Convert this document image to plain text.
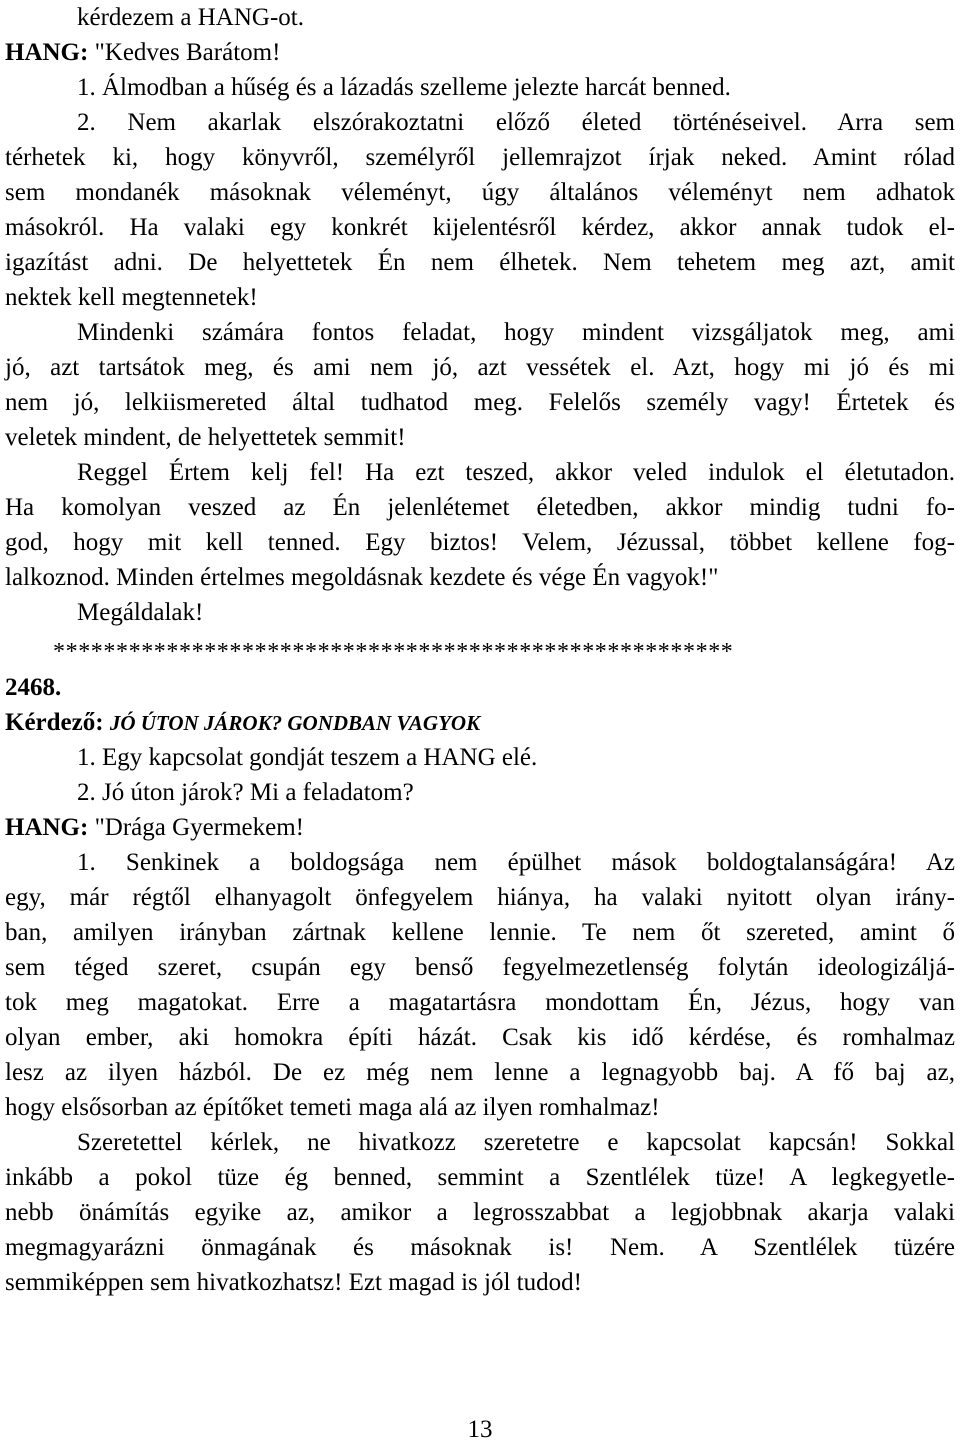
kérdezem a HANG-ot.
HANG: "Kedves Barátom!
1. Álmodban a hűség és a lázadás szelleme jelezte harcát benned.
2. Nem akarlak elszórakoztatni előző életed történéseivel. Arra sem
térhetek ki, hogy könyvről, személyről jellemrajzot írjak neked. Amint rólad
sem mondanék másoknak véleményt, úgy általános véleményt nem adhatok
másokról. Ha valaki egy konkrét kijelentésről kérdez, akkor annak tudok el-
igazítást adni. De helyettetek Én nem élhetek. Nem tehetem meg azt, amit
nektek kell megtennetek!
Mindenki számára fontos feladat, hogy mindent vizsgáljatok meg, ami
jó, azt tartsátok meg, és ami nem jó, azt vessétek el. Azt, hogy mi jó és mi
nem jó, lelkiismereted által tudhatod meg. Felelős személy vagy! Értetek és
veletek mindent, de helyettetek semmit!
Reggel Értem kelj fel! Ha ezt teszed, akkor veled indulok el életutadon.
Ha komolyan veszed az Én jelenlétemet életedben, akkor mindig tudni fo-
god, hogy mit kell tenned. Egy biztos! Velem, Jézussal, többet kellene fog-
lalkoznod. Minden értelmes megoldásnak kezdete és vége Én vagyok!"
Megáldalak!
******************************************************
2468.
Kérdező: JÓ ÚTON JÁROK? GONDBAN VAGYOK
1. Egy kapcsolat gondját teszem a HANG elé.
2. Jó úton járok? Mi a feladatom?
HANG: "Drága Gyermekem!
1. Senkinek a boldogsága nem épülhet mások boldogtalanságára! Az
egy, már régtől elhanyagolt önfegyelem hiánya, ha valaki nyitott olyan irány-
ban, amilyen irányban zártnak kellene lennie. Te nem őt szereted, amint ő
sem téged szeret, csupán egy benső fegyelmezetlenség folytán ideologizáljá-
tok meg magatokat. Erre a magatartásra mondottam Én, Jézus, hogy van
olyan ember, aki homokra építi házát. Csak kis idő kérdése, és romhalmaz
lesz az ilyen házból. De ez még nem lenne a legnagyobb baj. A fő baj az,
hogy elsősorban az építőket temeti maga alá az ilyen romhalmaz!
Szeretettel kérlek, ne hivatkozz szeretetre e kapcsolat kapcsán! Sokkal
inkább a pokol tüze ég benned, semmint a Szentlélek tüze! A legkegyetle-
nebb önámítás egyike az, amikor a legrosszabbat a legjobbnak akarja valaki
megmagyarázni önmagának és másoknak is! Nem. A Szentlélek tüzére
semmiképpen sem hivatkozhatsz! Ezt magad is jól tudod!
13
